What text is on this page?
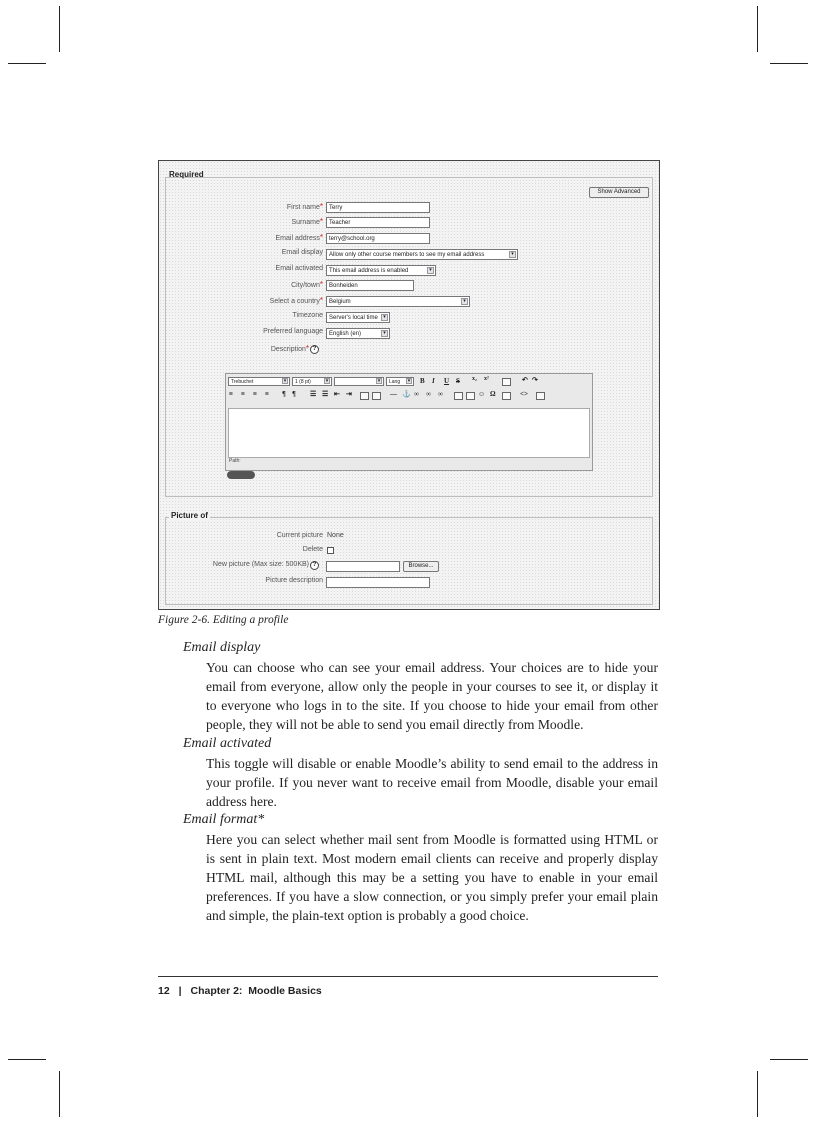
Required
Show Advanced
First name*	Terry
Surname*	Teacher
Email address*	terry@school.org
Email display	Allow only other course members to see my email address	▾
Email activated	This email address is enabled	▾
City/town*	Bonheiden
Select a country*	Belgium	▾
Timezone	Server's local time	▾
Preferred language	English (en)	▾
Description* ?
Trebuchet	▾	1 (8 pt)	▾	▾	Lang	▾ B I U S x₂ x²	↶ ↷
≡ ≡ ≡ ≡ ¶ ¶ ☰ ☰ ⇤ ⇥	— ⚓ ∞ ∞ ∞	☺ Ω	<>
Path:
Picture of
Current picture None
Delete
New picture (Max size: 500KB) ?	Browse...
Picture description
Figure 2-6. Editing a profile
Email display
You can choose who can see your email address. Your choices are to hide your email from everyone, allow only the people in your courses to see it, or display it to everyone who logs in to the site. If you choose to hide your email from other people, they will not be able to send you email directly from Moodle.
Email activated
This toggle will disable or enable Moodle’s ability to send email to the address in your profile. If you never want to receive email from Moodle, disable your email address here.
Email format*
Here you can select whether mail sent from Moodle is formatted using HTML or is sent in plain text. Most modern email clients can receive and properly display HTML mail, although this may be a setting you have to enable in your email preferences. If you have a slow connection, or you simply prefer your email plain and simple, the plain-text option is probably a good choice.
12 | Chapter 2:  Moodle Basics
